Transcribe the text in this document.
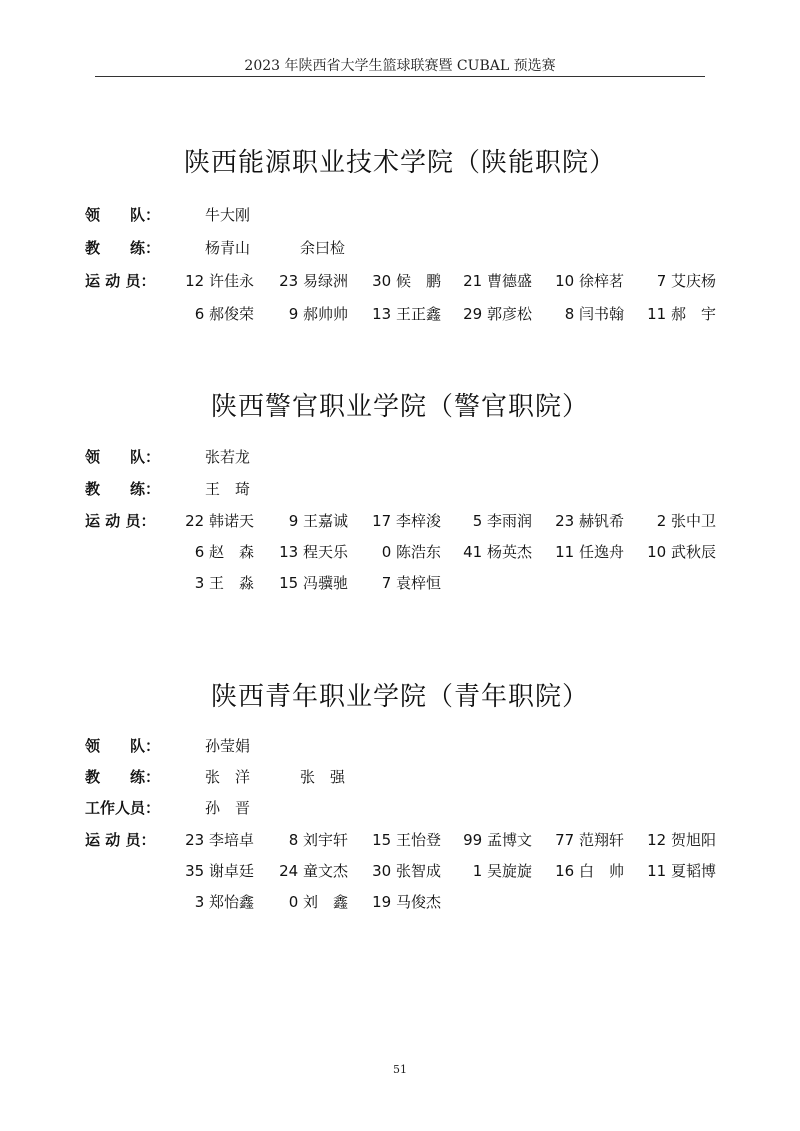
2023 年陕西省大学生篮球联赛暨 CUBAL 预选赛
陕西能源职业技术学院（陕能职院）
领　　队：	牛大刚
教　　练：	杨青山	余曰检
运 动 员：	12 许佳永	23 易绿洲	30 候　鹏	21 曹德盛	10 徐梓茗	7 艾庆杨
6 郝俊荣	9 郝帅帅	13 王正鑫	29 郭彦松	8 闫书翰	11 郝　宇
陕西警官职业学院（警官职院）
领　　队：	张若龙
教　　练：	王　琦
运 动 员：	22 韩诺天	9 王嘉诚	17 李梓浚	5 李雨润	23 赫钒希	2 张中卫
6 赵　森	13 程天乐	0 陈浩东	41 杨英杰	11 任逸舟	10 武秋辰
3 王　淼	15 冯骥驰	7 袁梓恒
陕西青年职业学院（青年职院）
领　　队：	孙莹娟
教　　练：	张　洋	张　强
工作人员：	孙　晋
运 动 员：	23 李培卓	8 刘宇轩	15 王怡登	99 孟博文	77 范翔轩	12 贺旭阳
35 谢卓廷	24 童文杰	30 张智成	1 吴旋旋	16 白　帅	11 夏韬博
3 郑怡鑫	0 刘　鑫	19 马俊杰
51
